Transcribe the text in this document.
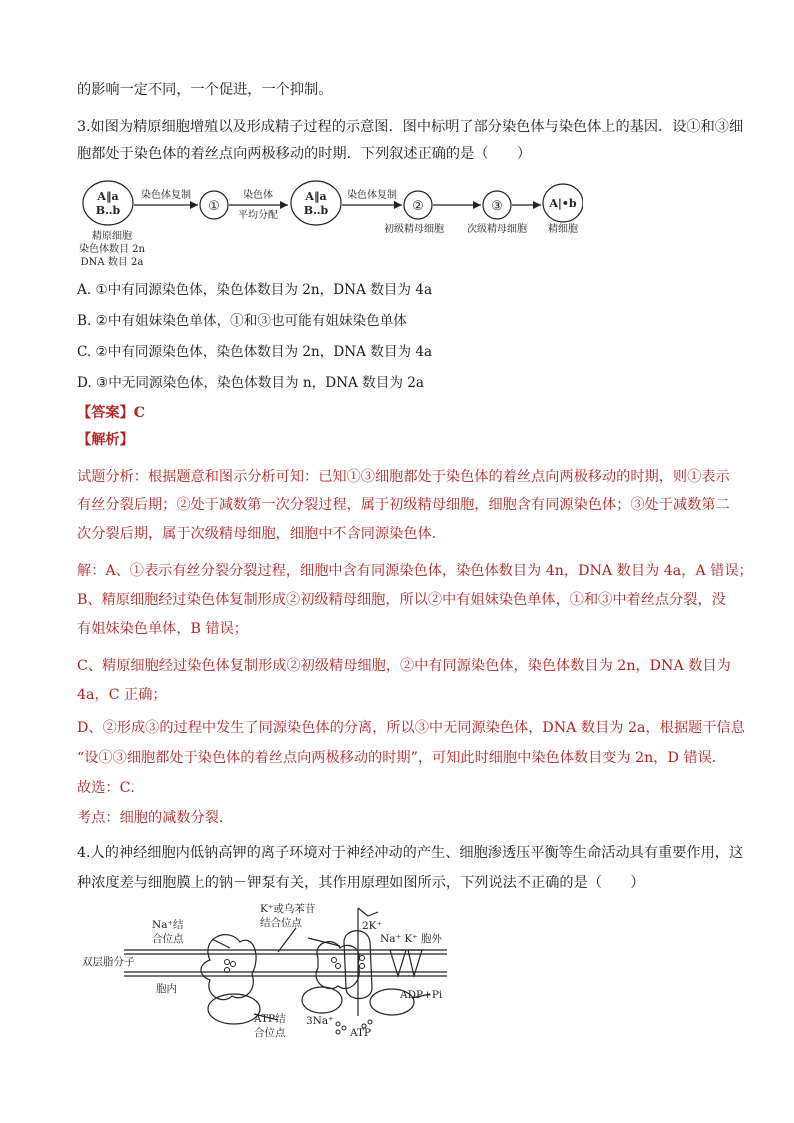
的影响一定不同，一个促进，一个抑制。
3.如图为精原细胞增殖以及形成精子过程的示意图．图中标明了部分染色体与染色体上的基因．设①和③细
胞都处于染色体的着丝点向两极移动的时期．下列叙述正确的是（　　）
A‖a
B‥b
A‖a
B‥b
①	②	③	A|•b
染色体复制	染色体
平均分配
染色体复制
精原细胞
染色体数目 2n
DNA 数目 2a
初级精母细胞 次级精母细胞 精细胞
A. ①中有同源染色体，染色体数目为 2n，DNA 数目为 4a
B. ②中有姐妹染色单体，①和③也可能有姐妹染色单体
C. ②中有同源染色体，染色体数目为 2n，DNA 数目为 4a
D. ③中无同源染色体，染色体数目为 n，DNA 数目为 2a
【答案】C
【解析】
试题分析：根据题意和图示分析可知：已知①③细胞都处于染色体的着丝点向两极移动的时期，则①表示
有丝分裂后期；②处于减数第一次分裂过程，属于初级精母细胞，细胞含有同源染色体；③处于减数第二
次分裂后期，属于次级精母细胞，细胞中不含同源染色体．
解：A、①表示有丝分裂分裂过程，细胞中含有同源染色体，染色体数目为 4n，DNA 数目为 4a，A 错误；
B、精原细胞经过染色体复制形成②初级精母细胞，所以②中有姐妹染色单体，①和③中着丝点分裂，没
有姐妹染色单体，B 错误；
C、精原细胞经过染色体复制形成②初级精母细胞，②中有同源染色体，染色体数目为 2n，DNA 数目为
4a，C 正确；
D、②形成③的过程中发生了同源染色体的分离，所以③中无同源染色体，DNA 数目为 2a，根据题干信息
“设①③细胞都处于染色体的着丝点向两极移动的时期”，可知此时细胞中染色体数目变为 2n，D 错误．
故选：C．
考点：细胞的减数分裂．
4.人的神经细胞内低钠高钾的离子环境对于神经冲动的产生、细胞渗透压平衡等生命活动具有重要作用，这
种浓度差与细胞膜上的钠－钾泵有关，其作用原理如图所示，下列说法不正确的是（　　）
Na⁺结
合位点
K⁺或乌苯苷
结合位点	2K⁺
Na⁺ K⁺ 胞外
双层脂分子
胞内	ADP+Pi
ATP结
合位点
3Na⁺
ATP
